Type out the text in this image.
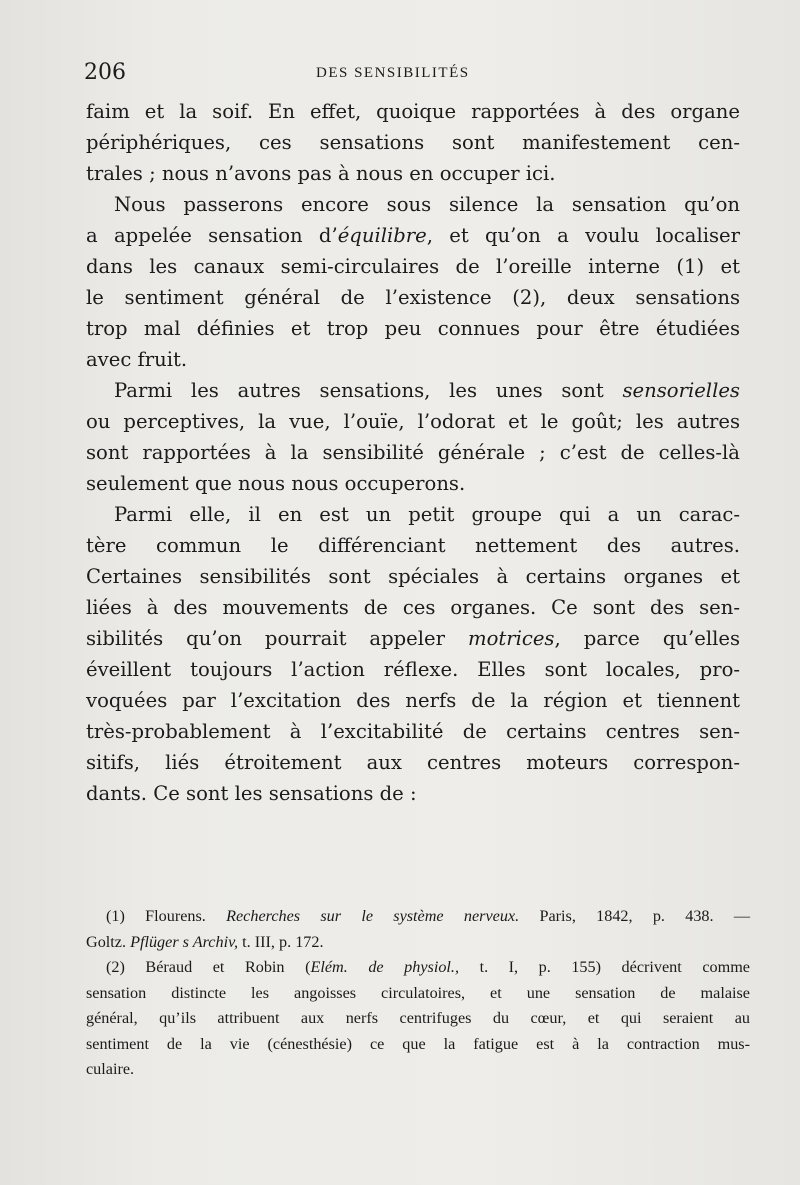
206	DES SENSIBILITÉS
faim et la soif. En effet, quoique rapportées à des organe
périphériques, ces sensations sont manifestement cen-
trales ; nous n’avons pas à nous en occuper ici.
Nous passerons encore sous silence la sensation qu’on
a appelée sensation d’équilibre, et qu’on a voulu localiser
dans les canaux semi-circulaires de l’oreille interne (1) et
le sentiment général de l’existence (2), deux sensations
trop mal définies et trop peu connues pour être étudiées
avec fruit.
Parmi les autres sensations, les unes sont sensorielles
ou perceptives, la vue, l’ouïe, l’odorat et le goût; les autres
sont rapportées à la sensibilité générale ; c’est de celles-là
seulement que nous nous occuperons.
Parmi elle, il en est un petit groupe qui a un carac-
tère commun le différenciant nettement des autres.
Certaines sensibilités sont spéciales à certains organes et
liées à des mouvements de ces organes. Ce sont des sen-
sibilités qu’on pourrait appeler motrices, parce qu’elles
éveillent toujours l’action réflexe. Elles sont locales, pro-
voquées par l’excitation des nerfs de la région et tiennent
très-probablement à l’excitabilité de certains centres sen-
sitifs, liés étroitement aux centres moteurs correspon-
dants. Ce sont les sensations de :
(1) Flourens. Recherches sur le système nerveux. Paris, 1842, p. 438. —
Goltz. Pflüger s Archiv, t. III, p. 172.
(2) Béraud et Robin (Elém. de physiol., t. I, p. 155) décrivent comme
sensation distincte les angoisses circulatoires, et une sensation de malaise
général, qu’ils attribuent aux nerfs centrifuges du cœur, et qui seraient au
sentiment de la vie (cénesthésie) ce que la fatigue est à la contraction mus-
culaire.
